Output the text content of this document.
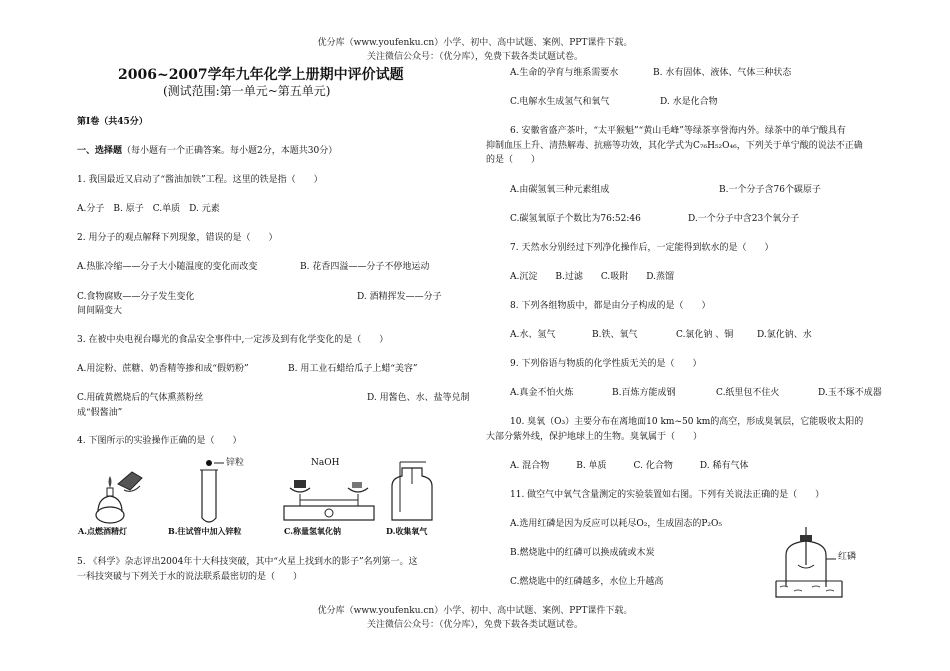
优分库（www.youfenku.cn）小学、初中、高中试题、案例、PPT课件下载。
关注微信公众号：（优分库），免费下载各类试题试卷。
2006~2007学年九年化学上册期中评价试题
(测试范围:第一单元~第五单元)
第Ⅰ卷（共45分）
一、选择题（每小题有一个正确答案。每小题2分，本题共30分）
1. 我国最近又启动了“酱油加铁”工程。这里的铁是指（　　）
A.分子　B. 原子　C.单质　D. 元素
2. 用分子的观点解释下列现象，错误的是（　　）
A.热胀冷缩——分子大小随温度的变化而改变	B. 花香四溢——分子不停地运动
C.食物腐败——分子发生变化	D. 酒精挥发——分子
间间隔变大
3. 在被中央电视台曝光的食品安全事件中,一定涉及到有化学变化的是（　　）
A.用淀粉、蔗糖、奶香精等掺和成“假奶粉”	B. 用工业石蜡给瓜子上蜡“美容”
C.用硫黄燃烧后的气体熏蒸粉丝	D. 用酱色、水、盐等兑制
成“假酱油”
4. 下图所示的实验操作正确的是（　　）
A.点燃酒精灯
锌粒
B.往试管中加入锌粒
NaOH
C.称量氢氧化钠	D.收集氧气
5. 《科学》杂志评出2004年十大科技突破，其中“火星上找到水的影子”名列第一。这
一科技突破与下列关于水的说法联系最密切的是（　　）
A.生命的孕育与维系需要水	B. 水有固体、液体、气体三种状态
C.电解水生成氢气和氧气	D. 水是化合物
6. 安徽省盛产茶叶，“太平猴魁”“黄山毛峰”等绿茶享誉海内外。绿茶中的单宁酸具有
抑制血压上升、清热解毒、抗癌等功效，其化学式为C₇₆H₅₂O₄₆，下列关于单宁酸的说法不正确
的是（　　）
A.由碳氢氧三种元素组成	B.一个分子含76个碳原子
C.碳氢氧原子个数比为76:52:46	D.一个分子中含23个氧分子
7. 天然水分别经过下列净化操作后，一定能得到软水的是（　　）
A.沉淀　　B.过滤　　C.吸附　　D.蒸馏
8. 下列各组物质中，都是由分子构成的是（　　）
A.水、氢气	B.铁、氧气	C.氯化钠 、铜	D.氯化钠、水
9. 下列俗语与物质的化学性质无关的是（　　）
A.真金不怕火炼	B.百炼方能成钢	C.纸里包不住火	D.玉不琢不成器
10. 臭氧（O₃）主要分布在离地面10 km~50 km的高空，形成臭氧层，它能吸收太阳的
大部分紫外线，保护地球上的生物。臭氧属于（　　）
A. 混合物　　　B. 单质　　　C. 化合物　　　D. 稀有气体
11. 做空气中氧气含量测定的实验装置如右图。下列有关说法正确的是（　　）
A.选用红磷是因为反应可以耗尽O₂，生成固态的P₂O₅
B.燃烧匙中的红磷可以换成硫或木炭
C.燃烧匙中的红磷越多，水位上升越高
红磷
优分库（www.youfenku.cn）小学、初中、高中试题、案例、PPT课件下载。
关注微信公众号：（优分库），免费下载各类试题试卷。
